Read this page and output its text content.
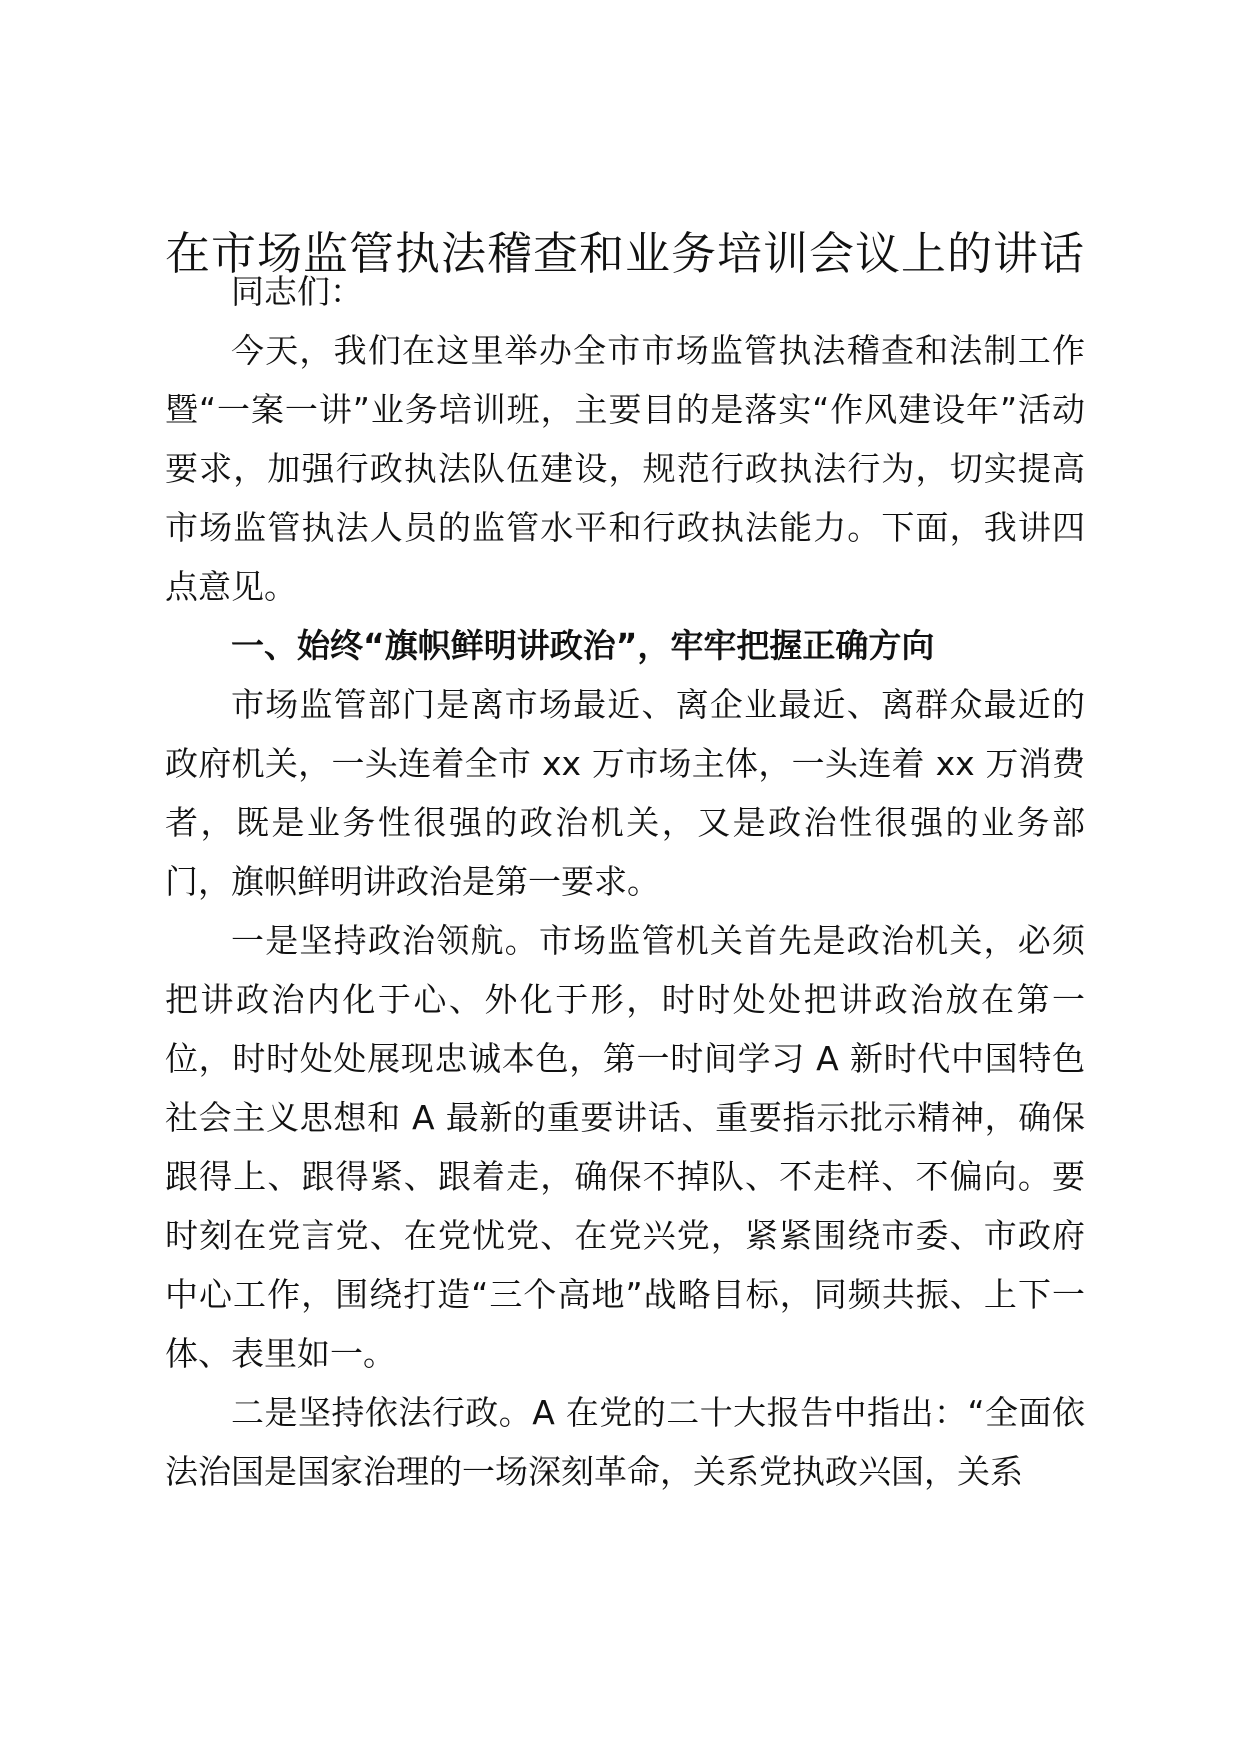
在市场监管执法稽查和业务培训会议上的讲话

同志们：

今天，我们在这里举办全市市场监管执法稽查和法制工作暨“一案一讲”业务培训班，主要目的是落实“作风建设年”活动要求，加强行政执法队伍建设，规范行政执法行为，切实提高市场监管执法人员的监管水平和行政执法能力。下面，我讲四点意见。

一、始终“旗帜鲜明讲政治”，牢牢把握正确方向

市场监管部门是离市场最近、离企业最近、离群众最近的政府机关，一头连着全市 xx 万市场主体，一头连着 xx 万消费者，既是业务性很强的政治机关，又是政治性很强的业务部门，旗帜鲜明讲政治是第一要求。

一是坚持政治领航。市场监管机关首先是政治机关，必须把讲政治内化于心、外化于形，时时处处把讲政治放在第一位，时时处处展现忠诚本色，第一时间学习 A 新时代中国特色社会主义思想和 A 最新的重要讲话、重要指示批示精神，确保跟得上、跟得紧、跟着走，确保不掉队、不走样、不偏向。要时刻在党言党、在党忧党、在党兴党，紧紧围绕市委、市政府中心工作，围绕打造“三个高地”战略目标，同频共振、上下一体、表里如一。

二是坚持依法行政。A 在党的二十大报告中指出：“全面依法治国是国家治理的一场深刻革命，关系党执政兴国，关系
